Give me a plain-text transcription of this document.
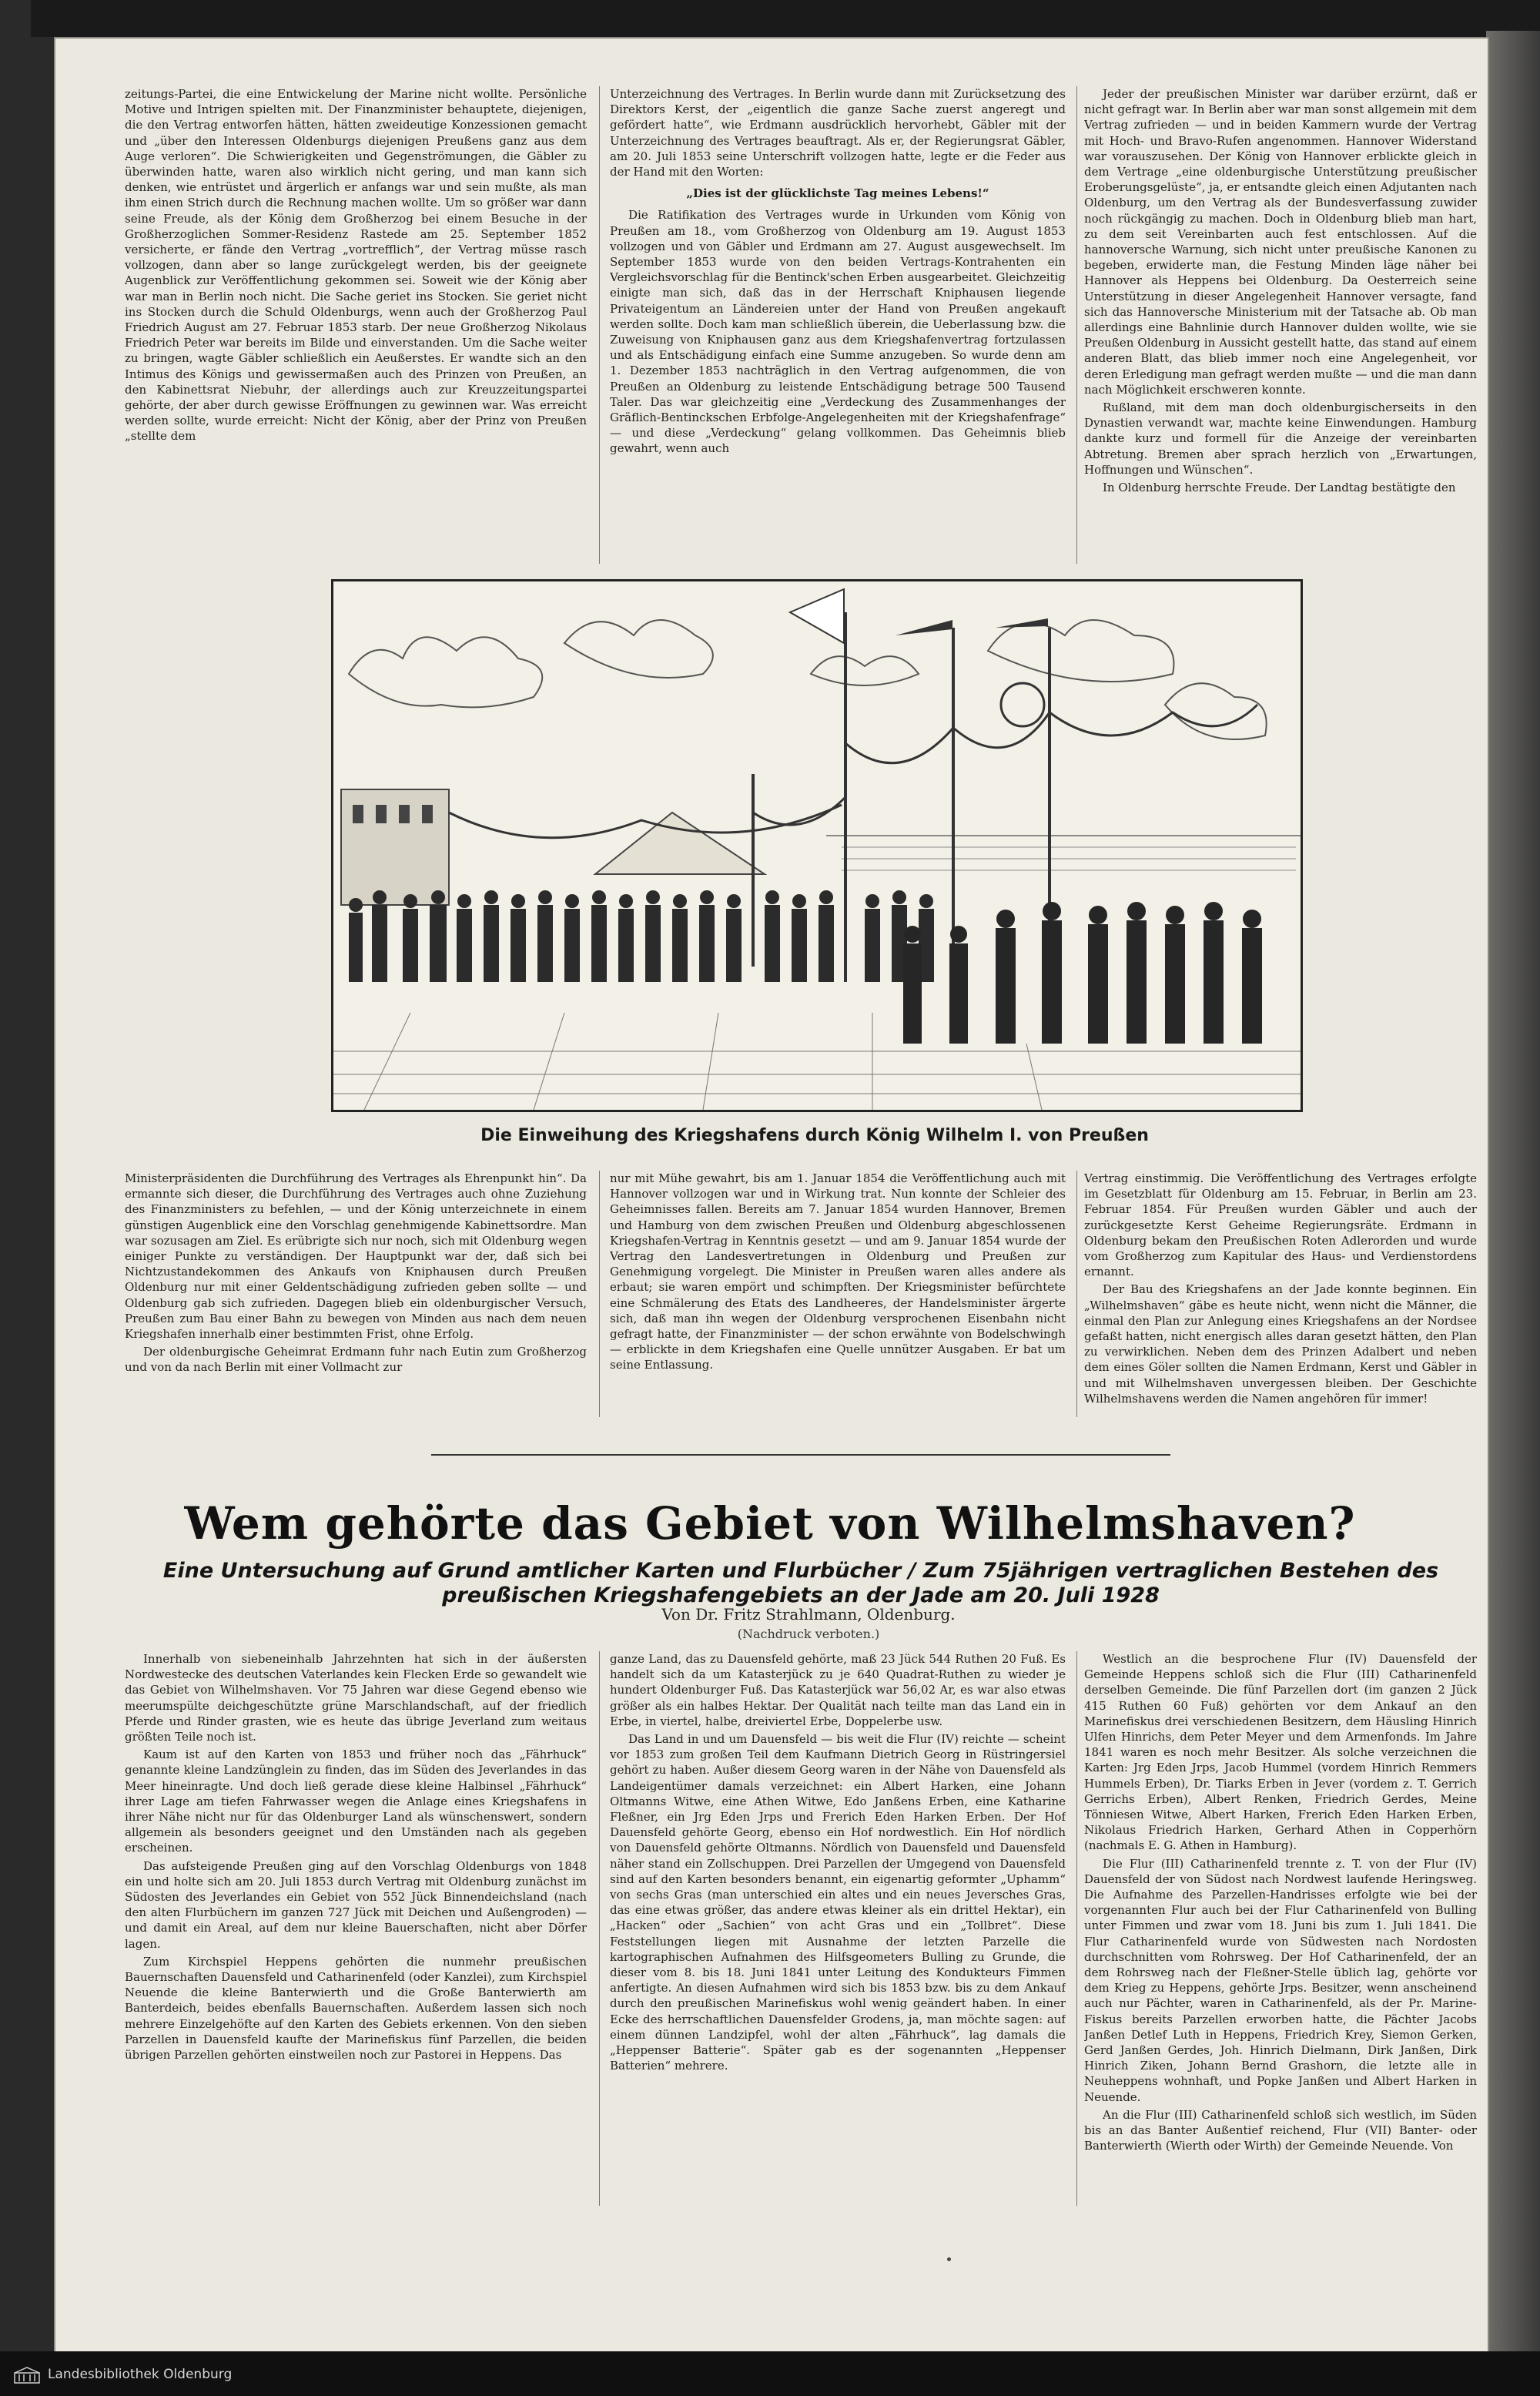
zeitungs-Partei, die eine Entwickelung der Marine nicht wollte. Persönliche Motive und Intrigen spielten mit. Der Finanzminister behauptete, diejenigen, die den Vertrag entworfen hätten, hätten zweideutige Konzessionen gemacht und „über den Interessen Oldenburgs diejenigen Preußens ganz aus dem Auge verloren“. Die Schwierigkeiten und Gegenströmungen, die Gäbler zu überwinden hatte, waren also wirklich nicht gering, und man kann sich denken, wie entrüstet und ärgerlich er anfangs war und sein mußte, als man ihm einen Strich durch die Rechnung machen wollte. Um so größer war dann seine Freude, als der König dem Großherzog bei einem Besuche in der Großherzoglichen Sommer-Residenz Rastede am 25. September 1852 versicherte, er fände den Vertrag „vortrefflich“, der Vertrag müsse rasch vollzogen, dann aber so lange zurückgelegt werden, bis der geeignete Augenblick zur Veröffentlichung gekommen sei. Soweit wie der König aber war man in Berlin noch nicht. Die Sache geriet ins Stocken. Sie geriet nicht ins Stocken durch die Schuld Oldenburgs, wenn auch der Großherzog Paul Friedrich August am 27. Februar 1853 starb. Der neue Großherzog Nikolaus Friedrich Peter war bereits im Bilde und einverstanden. Um die Sache weiter zu bringen, wagte Gäbler schließlich ein Aeußerstes. Er wandte sich an den Intimus des Königs und gewissermaßen auch des Prinzen von Preußen, an den Kabinettsrat Niebuhr, der allerdings auch zur Kreuzzeitungspartei gehörte, der aber durch gewisse Eröffnungen zu gewinnen war. Was erreicht werden sollte, wurde erreicht: Nicht der König, aber der Prinz von Preußen „stellte dem

Unterzeichnung des Vertrages. In Berlin wurde dann mit Zurücksetzung des Direktors Kerst, der „eigentlich die ganze Sache zuerst angeregt und gefördert hatte“, wie Erdmann ausdrücklich hervorhebt, Gäbler mit der Unterzeichnung des Vertrages beauftragt. Als er, der Regierungsrat Gäbler, am 20. Juli 1853 seine Unterschrift vollzogen hatte, legte er die Feder aus der Hand mit den Worten:

„Dies ist der glücklichste Tag meines Lebens!“

Die Ratifikation des Vertrages wurde in Urkunden vom König von Preußen am 18., vom Großherzog von Oldenburg am 19. August 1853 vollzogen und von Gäbler und Erdmann am 27. August ausgewechselt. Im September 1853 wurde von den beiden Vertrags-Kontrahenten ein Vergleichsvorschlag für die Bentinck'schen Erben ausgearbeitet. Gleichzeitig einigte man sich, daß das in der Herrschaft Kniphausen liegende Privateigentum an Ländereien unter der Hand von Preußen angekauft werden sollte. Doch kam man schließlich überein, die Ueberlassung bzw. die Zuweisung von Kniphausen ganz aus dem Kriegshafenvertrag fortzulassen und als Entschädigung einfach eine Summe anzugeben. So wurde denn am 1. Dezember 1853 nachträglich in den Vertrag aufgenommen, die von Preußen an Oldenburg zu leistende Entschädigung betrage 500 Tausend Taler. Das war gleichzeitig eine „Verdeckung des Zusammenhanges der Gräflich-Bentinckschen Erbfolge-Angelegenheiten mit der Kriegshafenfrage“ — und diese „Verdeckung“ gelang vollkommen. Das Geheimnis blieb gewahrt, wenn auch

Jeder der preußischen Minister war darüber erzürnt, daß er nicht gefragt war. In Berlin aber war man sonst allgemein mit dem Vertrag zufrieden — und in beiden Kammern wurde der Vertrag mit Hoch- und Bravo-Rufen angenommen. Hannover Widerstand war vorauszusehen. Der König von Hannover erblickte gleich in dem Vertrage „eine oldenburgische Unterstützung preußischer Eroberungsgelüste“, ja, er entsandte gleich einen Adjutanten nach Oldenburg, um den Vertrag als der Bundesverfassung zuwider noch rückgängig zu machen. Doch in Oldenburg blieb man hart, zu dem seit Vereinbarten auch fest entschlossen. Auf die hannoversche Warnung, sich nicht unter preußische Kanonen zu begeben, erwiderte man, die Festung Minden läge näher bei Hannover als Heppens bei Oldenburg. Da Oesterreich seine Unterstützung in dieser Angelegenheit Hannover versagte, fand sich das Hannoversche Ministerium mit der Tatsache ab. Ob man allerdings eine Bahnlinie durch Hannover dulden wollte, wie sie Preußen Oldenburg in Aussicht gestellt hatte, das stand auf einem anderen Blatt, das blieb immer noch eine Angelegenheit, vor deren Erledigung man gefragt werden mußte — und die man dann nach Möglichkeit erschweren konnte.

Rußland, mit dem man doch oldenburgischerseits in den Dynastien verwandt war, machte keine Einwendungen. Hamburg dankte kurz und formell für die Anzeige der vereinbarten Abtretung. Bremen aber sprach herzlich von „Erwartungen, Hoffnungen und Wünschen“.

In Oldenburg herrschte Freude. Der Landtag bestätigte den

Die Einweihung des Kriegshafens durch König Wilhelm I. von Preußen

Ministerpräsidenten die Durchführung des Vertrages als Ehrenpunkt hin“. Da ermannte sich dieser, die Durchführung des Vertrages auch ohne Zuziehung des Finanzministers zu befehlen, — und der König unterzeichnete in einem günstigen Augenblick eine den Vorschlag genehmigende Kabinettsordre. Man war sozusagen am Ziel. Es erübrigte sich nur noch, sich mit Oldenburg wegen einiger Punkte zu verständigen. Der Hauptpunkt war der, daß sich bei Nichtzustandekommen des Ankaufs von Kniphausen durch Preußen Oldenburg nur mit einer Geldentschädigung zufrieden geben sollte — und Oldenburg gab sich zufrieden. Dagegen blieb ein oldenburgischer Versuch, Preußen zum Bau einer Bahn zu bewegen von Minden aus nach dem neuen Kriegshafen innerhalb einer bestimmten Frist, ohne Erfolg.

Der oldenburgische Geheimrat Erdmann fuhr nach Eutin zum Großherzog und von da nach Berlin mit einer Vollmacht zur

nur mit Mühe gewahrt, bis am 1. Januar 1854 die Veröffentlichung auch mit Hannover vollzogen war und in Wirkung trat. Nun konnte der Schleier des Geheimnisses fallen. Bereits am 7. Januar 1854 wurden Hannover, Bremen und Hamburg von dem zwischen Preußen und Oldenburg abgeschlossenen Kriegshafen-Vertrag in Kenntnis gesetzt — und am 9. Januar 1854 wurde der Vertrag den Landesvertretungen in Oldenburg und Preußen zur Genehmigung vorgelegt. Die Minister in Preußen waren alles andere als erbaut; sie waren empört und schimpften. Der Kriegsminister befürchtete eine Schmälerung des Etats des Landheeres, der Handelsminister ärgerte sich, daß man ihn wegen der Oldenburg versprochenen Eisenbahn nicht gefragt hatte, der Finanzminister — der schon erwähnte von Bodelschwingh — erblickte in dem Kriegshafen eine Quelle unnützer Ausgaben. Er bat um seine Entlassung.

Vertrag einstimmig. Die Veröffentlichung des Vertrages erfolgte im Gesetzblatt für Oldenburg am 15. Februar, in Berlin am 23. Februar 1854. Für Preußen wurden Gäbler und auch der zurückgesetzte Kerst Geheime Regierungsräte. Erdmann in Oldenburg bekam den Preußischen Roten Adlerorden und wurde vom Großherzog zum Kapitular des Haus- und Verdienstordens ernannt.

Der Bau des Kriegshafens an der Jade konnte beginnen. Ein „Wilhelmshaven“ gäbe es heute nicht, wenn nicht die Männer, die einmal den Plan zur Anlegung eines Kriegshafens an der Nordsee gefaßt hatten, nicht energisch alles daran gesetzt hätten, den Plan zu verwirklichen. Neben dem des Prinzen Adalbert und neben dem eines Göler sollten die Namen Erdmann, Kerst und Gäbler in und mit Wilhelmshaven unvergessen bleiben. Der Geschichte Wilhelmshavens werden die Namen angehören für immer!

Wem gehörte das Gebiet von Wilhelmshaven?
Eine Untersuchung auf Grund amtlicher Karten und Flurbücher / Zum 75jährigen vertraglichen Bestehen des preußischen Kriegshafengebiets an der Jade am 20. Juli 1928
Von Dr. Fritz Strahlmann, Oldenburg.
(Nachdruck verboten.)

Innerhalb von siebeneinhalb Jahrzehnten hat sich in der äußersten Nordwestecke des deutschen Vaterlandes kein Flecken Erde so gewandelt wie das Gebiet von Wilhelmshaven. Vor 75 Jahren war diese Gegend ebenso wie meerumspülte deichgeschützte grüne Marschlandschaft, auf der friedlich Pferde und Rinder grasten, wie es heute das übrige Jeverland zum weitaus größten Teile noch ist.

Kaum ist auf den Karten von 1853 und früher noch das „Fährhuck“ genannte kleine Landzünglein zu finden, das im Süden des Jeverlandes in das Meer hineinragte. Und doch ließ gerade diese kleine Halbinsel „Fährhuck“ ihrer Lage am tiefen Fahrwasser wegen die Anlage eines Kriegshafens in ihrer Nähe nicht nur für das Oldenburger Land als wünschenswert, sondern allgemein als besonders geeignet und den Umständen nach als gegeben erscheinen.

Das aufsteigende Preußen ging auf den Vorschlag Oldenburgs von 1848 ein und holte sich am 20. Juli 1853 durch Vertrag mit Oldenburg zunächst im Südosten des Jeverlandes ein Gebiet von 552 Jück Binnendeichsland (nach den alten Flurbüchern im ganzen 727 Jück mit Deichen und Außengroden) — und damit ein Areal, auf dem nur kleine Bauerschaften, nicht aber Dörfer lagen.

Zum Kirchspiel Heppens gehörten die nunmehr preußischen Bauernschaften Dauensfeld und Catharinenfeld (oder Kanzlei), zum Kirchspiel Neuende die kleine Banterwierth und die Große Banterwierth am Banterdeich, beides ebenfalls Bauernschaften. Außerdem lassen sich noch mehrere Einzelgehöfte auf den Karten des Gebiets erkennen. Von den sieben Parzellen in Dauensfeld kaufte der Marinefiskus fünf Parzellen, die beiden übrigen Parzellen gehörten einstweilen noch zur Pastorei in Heppens. Das

ganze Land, das zu Dauensfeld gehörte, maß 23 Jück 544 Ruthen 20 Fuß. Es handelt sich da um Katasterjück zu je 640 Quadrat-Ruthen zu wieder je hundert Oldenburger Fuß. Das Katasterjück war 56,02 Ar, es war also etwas größer als ein halbes Hektar. Der Qualität nach teilte man das Land ein in Erbe, in viertel, halbe, dreiviertel Erbe, Doppelerbe usw.

Das Land in und um Dauensfeld — bis weit die Flur (IV) reichte — scheint vor 1853 zum großen Teil dem Kaufmann Dietrich Georg in Rüstringersiel gehört zu haben. Außer diesem Georg waren in der Nähe von Dauensfeld als Landeigentümer damals verzeichnet: ein Albert Harken, eine Johann Oltmanns Witwe, eine Athen Witwe, Edo Janßens Erben, eine Katharine Fleßner, ein Jrg Eden Jrps und Frerich Eden Harken Erben. Der Hof Dauensfeld gehörte Georg, ebenso ein Hof nordwestlich. Ein Hof nördlich von Dauensfeld gehörte Oltmanns. Nördlich von Dauensfeld und Dauensfeld näher stand ein Zollschuppen. Drei Parzellen der Umgegend von Dauensfeld sind auf den Karten besonders benannt, ein eigenartig geformter „Uphamm“ von sechs Gras (man unterschied ein altes und ein neues Jeversches Gras, das eine etwas größer, das andere etwas kleiner als ein drittel Hektar), ein „Hacken“ oder „Sachien“ von acht Gras und ein „Tollbret“. Diese Feststellungen liegen mit Ausnahme der letzten Parzelle die kartographischen Aufnahmen des Hilfsgeometers Bulling zu Grunde, die dieser vom 8. bis 18. Juni 1841 unter Leitung des Kondukteurs Fimmen anfertigte. An diesen Aufnahmen wird sich bis 1853 bzw. bis zu dem Ankauf durch den preußischen Marinefiskus wohl wenig geändert haben. In einer Ecke des herrschaftlichen Dauensfelder Grodens, ja, man möchte sagen: auf einem dünnen Landzipfel, wohl der alten „Fährhuck“, lag damals die „Heppenser Batterie“. Später gab es der sogenannten „Heppenser Batterien“ mehrere.

Westlich an die besprochene Flur (IV) Dauensfeld der Gemeinde Heppens schloß sich die Flur (III) Catharinenfeld derselben Gemeinde. Die fünf Parzellen dort (im ganzen 2 Jück 415 Ruthen 60 Fuß) gehörten vor dem Ankauf an den Marinefiskus drei verschiedenen Besitzern, dem Häusling Hinrich Ulfen Hinrichs, dem Peter Meyer und dem Armenfonds. Im Jahre 1841 waren es noch mehr Besitzer. Als solche verzeichnen die Karten: Jrg Eden Jrps, Jacob Hummel (vordem Hinrich Remmers Hummels Erben), Dr. Tiarks Erben in Jever (vordem z. T. Gerrich Gerrichs Erben), Albert Renken, Friedrich Gerdes, Meine Tönniesen Witwe, Albert Harken, Frerich Eden Harken Erben, Nikolaus Friedrich Harken, Gerhard Athen in Copperhörn (nachmals E. G. Athen in Hamburg).

Die Flur (III) Catharinenfeld trennte z. T. von der Flur (IV) Dauensfeld der von Südost nach Nordwest laufende Heringsweg. Die Aufnahme des Parzellen-Handrisses erfolgte wie bei der vorgenannten Flur auch bei der Flur Catharinenfeld von Bulling unter Fimmen und zwar vom 18. Juni bis zum 1. Juli 1841. Die Flur Catharinenfeld wurde von Südwesten nach Nordosten durchschnitten vom Rohrsweg. Der Hof Catharinenfeld, der an dem Rohrsweg nach der Fleßner-Stelle üblich lag, gehörte vor dem Krieg zu Heppens, gehörte Jrps. Besitzer, wenn anscheinend auch nur Pächter, waren in Catharinenfeld, als der Pr. Marine-Fiskus bereits Parzellen erworben hatte, die Pächter Jacobs Janßen Detlef Luth in Heppens, Friedrich Krey, Siemon Gerken, Gerd Janßen Gerdes, Joh. Hinrich Dielmann, Dirk Janßen, Dirk Hinrich Ziken, Johann Bernd Grashorn, die letzte alle in Neuheppens wohnhaft, und Popke Janßen und Albert Harken in Neuende.

An die Flur (III) Catharinenfeld schloß sich westlich, im Süden bis an das Banter Außentief reichend, Flur (VII) Banter- oder Banterwierth (Wierth oder Wirth) der Gemeinde Neuende. Von

Landesbibliothek Oldenburg
